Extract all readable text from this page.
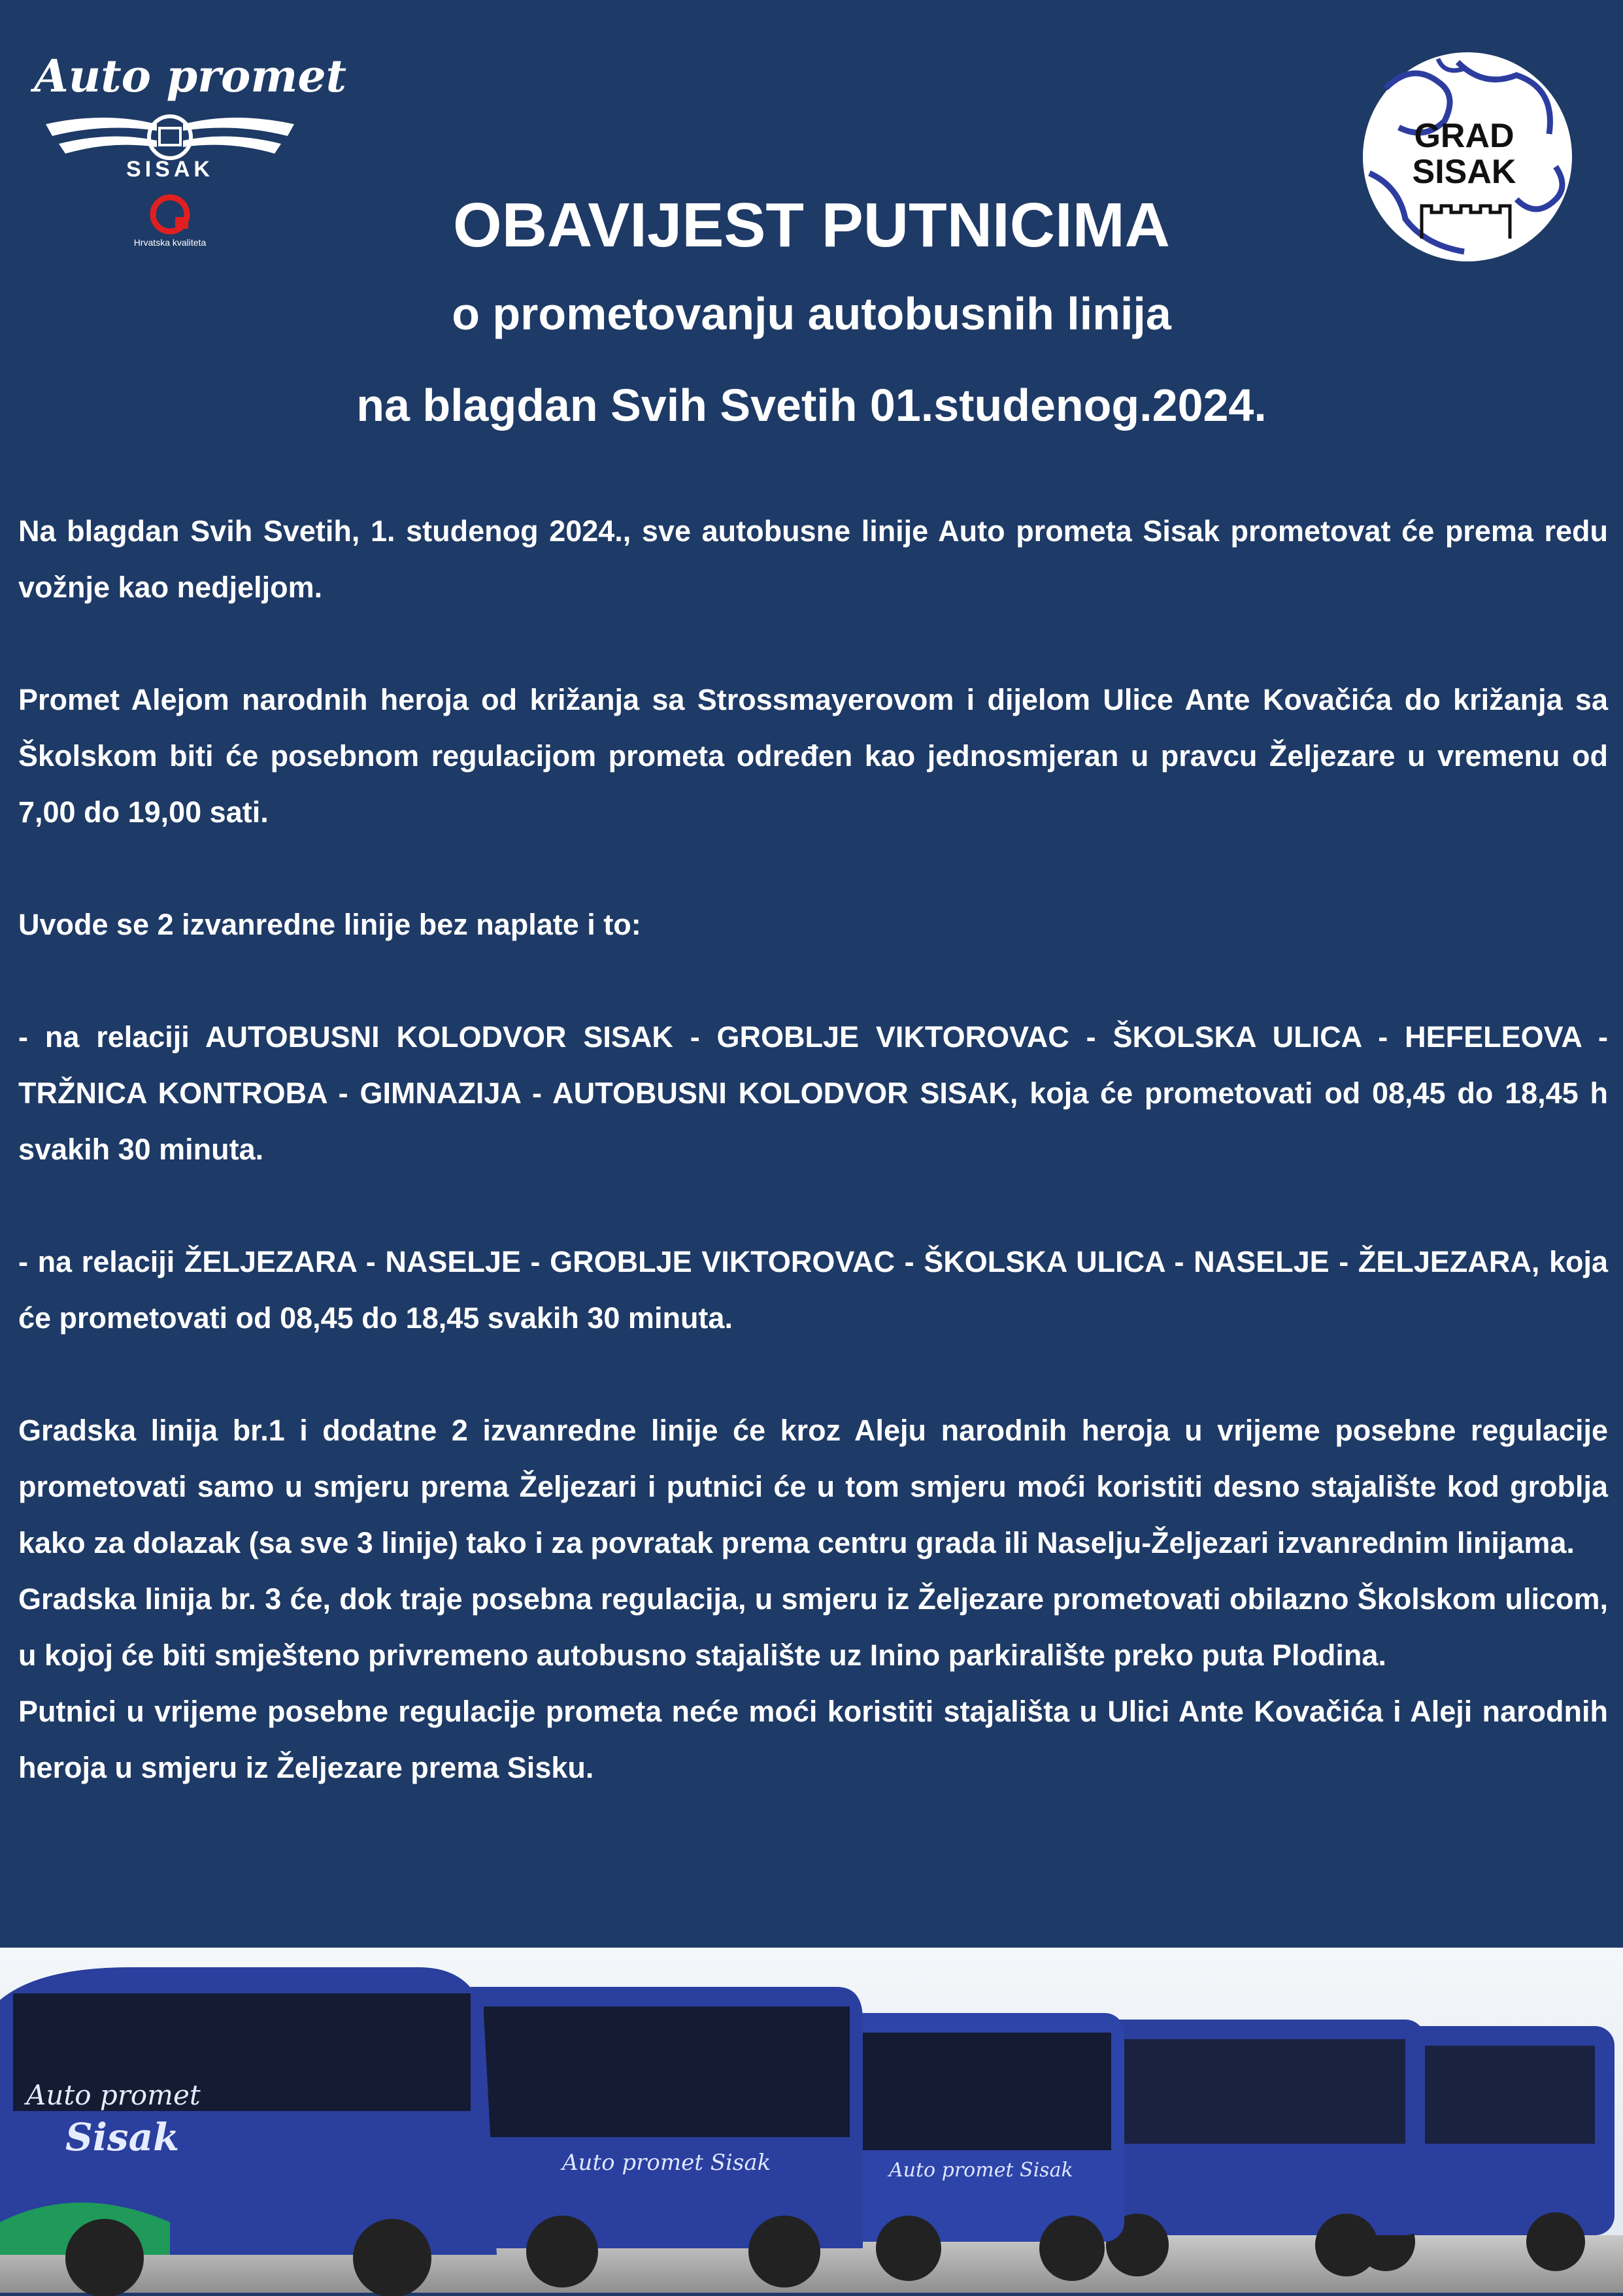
Auto promet
SISAK
Hrvatska kvaliteta
GRAD
SISAK
OBAVIJEST PUTNICIMA

o prometovanju autobusnih linija

na blagdan Svih Svetih 01.studenog.2024.

Na blagdan Svih Svetih, 1. studenog 2024., sve autobusne linije Auto prometa Sisak prometovat će prema redu vožnje kao nedjeljom.

Promet Alejom narodnih heroja od križanja sa Strossmayerovom i dijelom Ulice Ante Kovačića do križanja sa Školskom biti će posebnom regulacijom prometa određen kao jednosmjeran u pravcu Željezare u vremenu od 7,00 do 19,00 sati.

Uvode se 2 izvanredne linije bez naplate i to:

- na relaciji AUTOBUSNI KOLODVOR SISAK - GROBLJE VIKTOROVAC - ŠKOLSKA ULICA - HEFELEOVA - TRŽNICA KONTROBA - GIMNAZIJA - AUTOBUSNI KOLODVOR SISAK, koja će prometovati od 08,45 do 18,45 h svakih 30 minuta.

- na relaciji ŽELJEZARA - NASELJE - GROBLJE VIKTOROVAC - ŠKOLSKA ULICA - NASELJE - ŽELJEZARA, koja će prometovati od 08,45 do 18,45 svakih 30 minuta.

Gradska linija br.1 i dodatne 2 izvanredne linije će kroz Aleju narodnih heroja u vrijeme posebne regulacije prometovati samo u smjeru prema Željezari i putnici će u tom smjeru moći koristiti desno stajalište kod groblja kako za dolazak (sa sve 3 linije) tako i za povratak prema centru grada ili Naselju-Željezari izvanrednim linijama.

Gradska linija br. 3 će, dok traje posebna regulacija, u smjeru iz Željezare prometovati obilazno Školskom ulicom, u kojoj će biti smješteno privremeno autobusno stajalište uz Inino parkiralište preko puta Plodina.

Putnici u vrijeme posebne regulacije prometa neće moći koristiti stajališta u Ulici Ante Kovačića i Aleji narodnih heroja u smjeru iz Željezare prema Sisku.

Auto promet Sisak
Auto promet Sisak
Auto promet
Sisak
